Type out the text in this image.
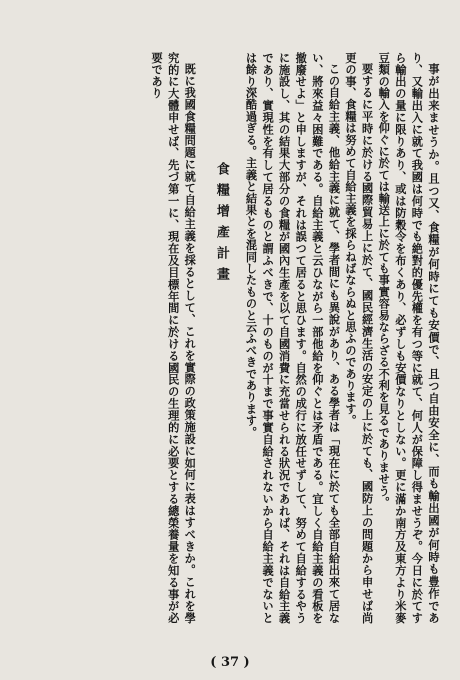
事が出来ませうか。且つ又、食糧が何時にても安價で、且つ自由安全に、而も輸出國が何時も豊作であり、又輸出入に就て我國は何時でも絶對的優先權を有つ等に就て、何人が保障し得ませうぞ。今日に於てすら輸出の量に限りあり、或は防穀令を布くあり、必ずしも安價なりとしない。更に滿か南方及東方より米麥豆類の輸入を仰ぐに於ては輸送上に於ても事實容易ならざる不利を見るでありませう。

要するに平時に於ける國際貿易上に於て、國民經濟生活の安定の上に於ても、國防上の問題から申せば尚更の事、食糧は努めて自給主義を採らねばならぬと思ふのであります。

この自給主義、他給主義に就て、學者間にも異說があり、ある學者は「現在に於ても全部自給出來て居ない、將來益々困難である。自給主義と云ひながら一部他給を仰ぐとは矛盾である。宜しく自給主義の看板を撤廢せよ」と申しますが、それは誤つて居ると思ひます。自然の成行に放任せずして、努めて自給するやうに施設し、其の結果大部分の食糧が國內生產を以て自國消費に充當せられる狀況であれば、それは自給主義であり、實現性を有して居るものと謂ふべきで、十のものが十まで事實自給されないから自給主義でないとは餘り深酷過ぎる。主義と結果とを混同したものと云ふべきであります。

食糧增產計畫

既に我國食糧問題に就て自給主義を採るとして、これを實際の政策施設に如何に表はすべきか。これを學究的に大體申せば、先づ第一に、現在及目標年間に於ける國民の生理的に必要とする總榮養量を知る事が必要であり

( 37 )
